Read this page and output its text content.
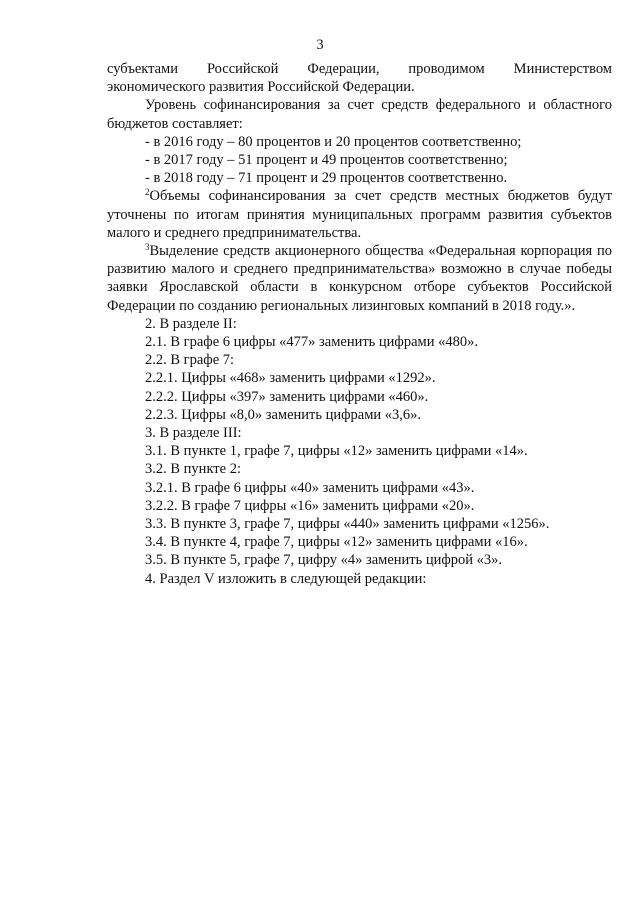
3

субъектами Российской Федерации, проводимом Министерством экономического развития Российской Федерации.

Уровень софинансирования за счет средств федерального и областного бюджетов составляет:

- в 2016 году – 80 процентов и 20 процентов соответственно;

- в 2017 году – 51 процент и 49 процентов соответственно;

- в 2018 году – 71 процент и 29 процентов соответственно.

$^2$Объемы софинансирования за счет средств местных бюджетов будут уточнены по итогам принятия муниципальных программ развития субъектов малого и среднего предпринимательства.

$^3$Выделение средств акционерного общества «Федеральная корпорация по развитию малого и среднего предпринимательства» возможно в случае победы заявки Ярославской области в конкурсном отборе субъектов Российской Федерации по созданию региональных лизинговых компаний в 2018 году.».

2. В разделе II:

2.1. В графе 6 цифры «477» заменить цифрами «480».

2.2. В графе 7:

2.2.1. Цифры «468» заменить цифрами «1292».

2.2.2. Цифры «397» заменить цифрами «460».

2.2.3. Цифры «8,0» заменить цифрами «3,6».

3. В разделе III:

3.1. В пункте 1, графе 7, цифры «12» заменить цифрами «14».

3.2. В пункте 2:

3.2.1. В графе 6 цифры «40» заменить цифрами «43».

3.2.2. В графе 7 цифры «16» заменить цифрами «20».

3.3. В пункте 3, графе 7, цифры «440» заменить цифрами «1256».

3.4. В пункте 4, графе 7, цифры «12» заменить цифрами «16».

3.5. В пункте 5, графе 7, цифру «4» заменить цифрой «3».

4. Раздел V изложить в следующей редакции:
